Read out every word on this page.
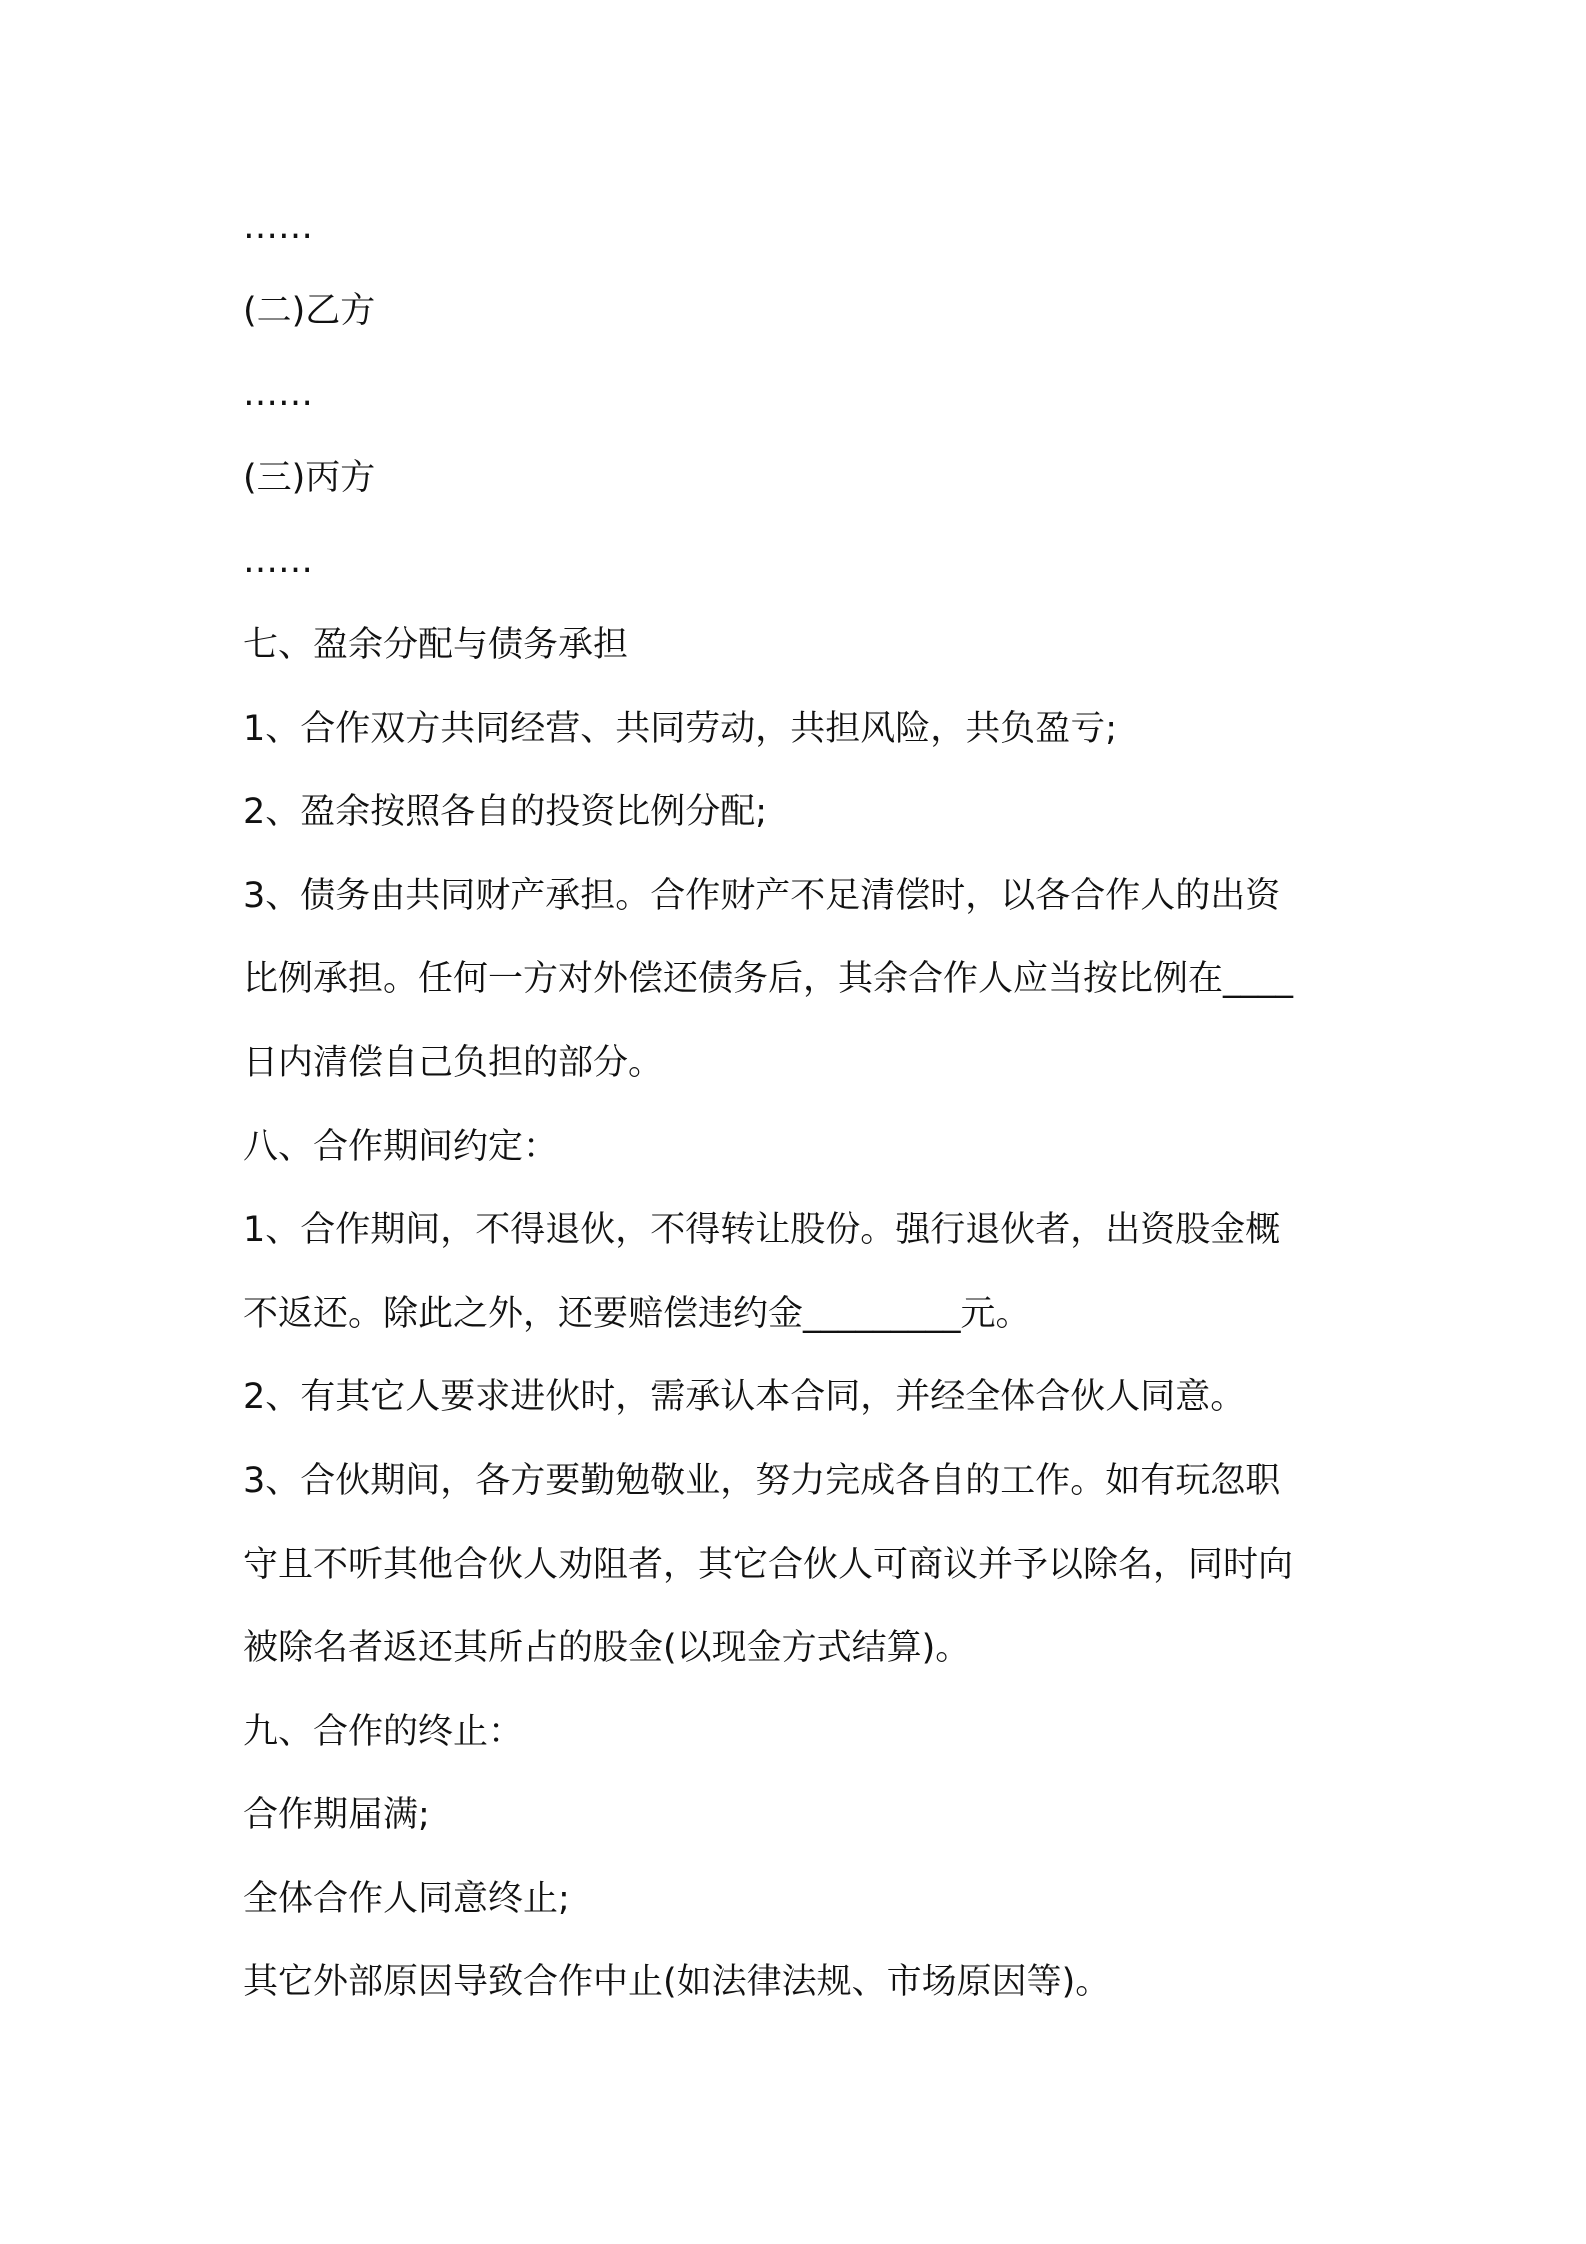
……
(二)乙方
……
(三)丙方
……
七、盈余分配与债务承担
1、合作双方共同经营、共同劳动，共担风险，共负盈亏;
2、盈余按照各自的投资比例分配;
3、债务由共同财产承担。合作财产不足清偿时，以各合作人的出资
比例承担。任何一方对外偿还债务后，其余合作人应当按比例在____
日内清偿自己负担的部分。
八、合作期间约定：
1、合作期间，不得退伙，不得转让股份。强行退伙者，出资股金概
不返还。除此之外，还要赔偿违约金_________元。
2、有其它人要求进伙时，需承认本合同，并经全体合伙人同意。
3、合伙期间，各方要勤勉敬业，努力完成各自的工作。如有玩忽职
守且不听其他合伙人劝阻者，其它合伙人可商议并予以除名，同时向
被除名者返还其所占的股金(以现金方式结算)。
九、合作的终止：
合作期届满;
全体合作人同意终止;
其它外部原因导致合作中止(如法律法规、市场原因等)。
